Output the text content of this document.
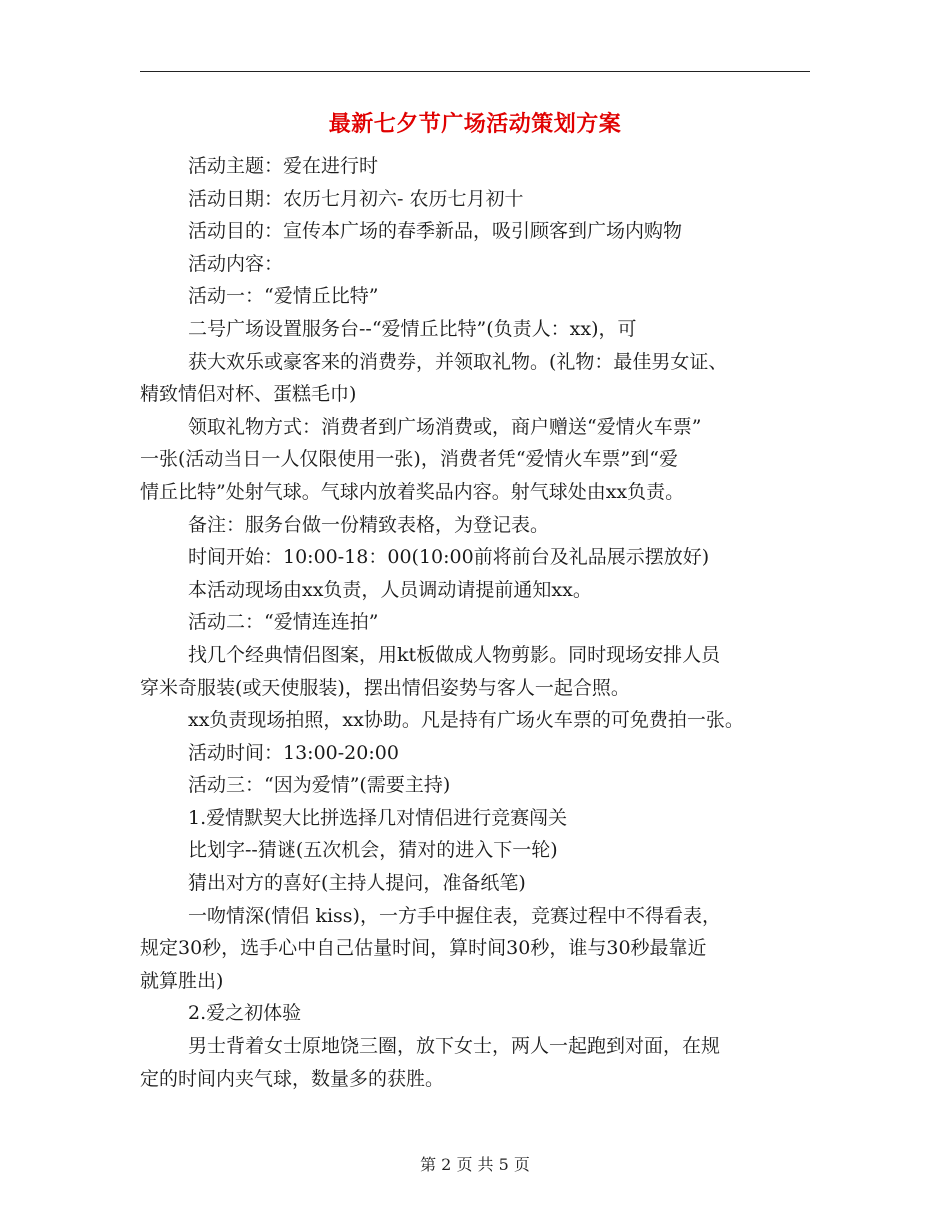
最新七夕节广场活动策划方案
活动主题：爱在进行时
活动日期：农历七月初六- 农历七月初十
活动目的：宣传本广场的春季新品，吸引顾客到广场内购物
活动内容：
活动一：“爱情丘比特”
二号广场设置服务台--“爱情丘比特”(负责人：xx)，可
获大欢乐或豪客来的消费券，并领取礼物。(礼物：最佳男女证、
精致情侣对杯、蛋糕毛巾)
领取礼物方式：消费者到广场消费或，商户赠送“爱情火车票”
一张(活动当日一人仅限使用一张)，消费者凭“爱情火车票”到“爱
情丘比特”处射气球。气球内放着奖品内容。射气球处由xx负责。
备注：服务台做一份精致表格，为登记表。
时间开始：10:00-18：00(10:00前将前台及礼品展示摆放好)
本活动现场由xx负责，人员调动请提前通知xx。
活动二：“爱情连连拍”
找几个经典情侣图案，用kt板做成人物剪影。同时现场安排人员
穿米奇服装(或天使服装)，摆出情侣姿势与客人一起合照。
xx负责现场拍照，xx协助。凡是持有广场火车票的可免费拍一张。
活动时间：13:00-20:00
活动三：“因为爱情”(需要主持)
1.爱情默契大比拼选择几对情侣进行竞赛闯关
比划字--猜谜(五次机会，猜对的进入下一轮)
猜出对方的喜好(主持人提问，准备纸笔)
一吻情深(情侣 kiss)，一方手中握住表，竞赛过程中不得看表，
规定30秒，选手心中自己估量时间，算时间30秒，谁与30秒最靠近
就算胜出)
2.爱之初体验
男士背着女士原地饶三圈，放下女士，两人一起跑到对面，在规
定的时间内夹气球，数量多的获胜。
第 2 页 共 5 页
